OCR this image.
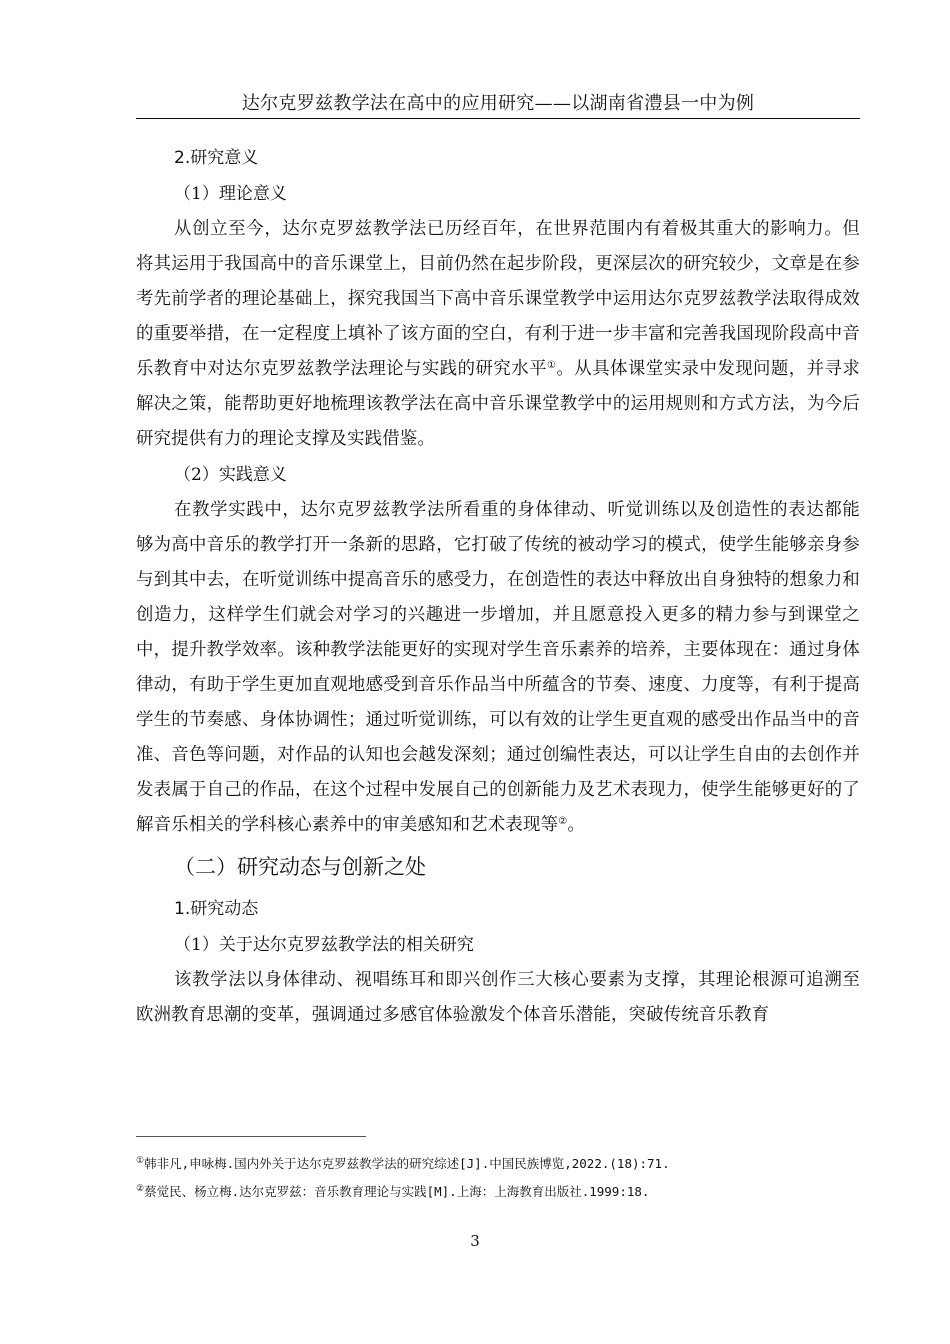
达尔克罗兹教学法在高中的应用研究——以湖南省澧县一中为例
2.研究意义
（1）理论意义

从创立至今，达尔克罗兹教学法已历经百年，在世界范围内有着极其重大的影响力。但将其运用于我国高中的音乐课堂上，目前仍然在起步阶段，更深层次的研究较少，文章是在参考先前学者的理论基础上，探究我国当下高中音乐课堂教学中运用达尔克罗兹教学法取得成效的重要举措，在一定程度上填补了该方面的空白，有利于进一步丰富和完善我国现阶段高中音乐教育中对达尔克罗兹教学法理论与实践的研究水平①。从具体课堂实录中发现问题，并寻求解决之策，能帮助更好地梳理该教学法在高中音乐课堂教学中的运用规则和方式方法，为今后研究提供有力的理论支撑及实践借鉴。

（2）实践意义

在教学实践中，达尔克罗兹教学法所看重的身体律动、听觉训练以及创造性的表达都能够为高中音乐的教学打开一条新的思路，它打破了传统的被动学习的模式，使学生能够亲身参与到其中去，在听觉训练中提高音乐的感受力，在创造性的表达中释放出自身独特的想象力和创造力，这样学生们就会对学习的兴趣进一步增加，并且愿意投入更多的精力参与到课堂之中，提升教学效率。该种教学法能更好的实现对学生音乐素养的培养，主要体现在：通过身体律动，有助于学生更加直观地感受到音乐作品当中所蕴含的节奏、速度、力度等，有利于提高学生的节奏感、身体协调性；通过听觉训练，可以有效的让学生更直观的感受出作品当中的音准、音色等问题，对作品的认知也会越发深刻；通过创编性表达，可以让学生自由的去创作并发表属于自己的作品，在这个过程中发展自己的创新能力及艺术表现力，使学生能够更好的了解音乐相关的学科核心素养中的审美感知和艺术表现等②。

（二）研究动态与创新之处
1.研究动态
（1）关于达尔克罗兹教学法的相关研究

该教学法以身体律动、视唱练耳和即兴创作三大核心要素为支撑，其理论根源可追溯至欧洲教育思潮的变革，强调通过多感官体验激发个体音乐潜能，突破传统音乐教育

①韩非凡,申咏梅.国内外关于达尔克罗兹教学法的研究综述[J].中国民族博览,2022.(18):71.
②蔡觉民、杨立梅.达尔克罗兹：音乐教育理论与实践[M].上海：上海教育出版社.1999:18.
3
